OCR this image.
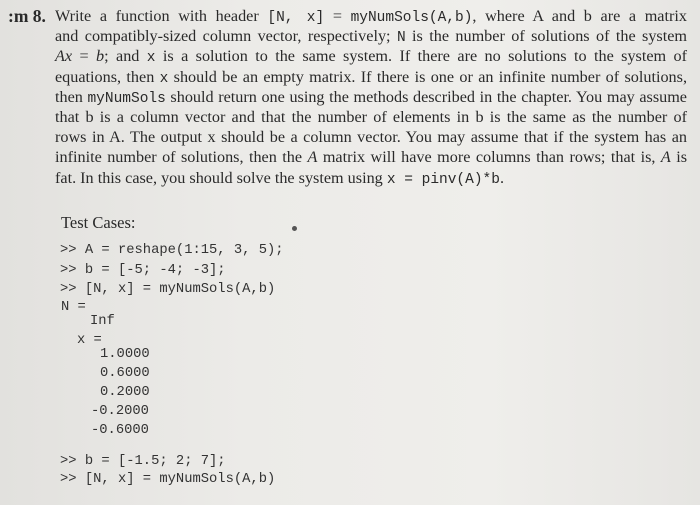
:m 8. Write a function with header [N, x] = myNumSols(A,b), where A and b are a matrix
and compatibly-sized column vector, respectively; N is the number of solutions of the system
Ax = b; and x is a solution to the same system. If there are no solutions to the system of
equations, then x should be an empty matrix. If there is one or an infinite number of solutions,
then myNumSols should return one using the methods described in the chapter. You may assume
that b is a column vector and that the number of elements in b is the same as the number of
rows in A. The output x should be a column vector. You may assume that if the system has an
infinite number of solutions, then the A matrix will have more columns than rows; that is, A is
fat. In this case, you should solve the system using x = pinv(A)*b.
Test Cases:
>> A = reshape(1:15, 3, 5);
>> b = [-5; -4; -3];
>> [N, x] = myNumSols(A,b)
N =
Inf
x =
1.0000
0.6000
0.2000
-0.2000
-0.6000
>> b = [-1.5; 2; 7];
>> [N, x] = myNumSols(A,b)
